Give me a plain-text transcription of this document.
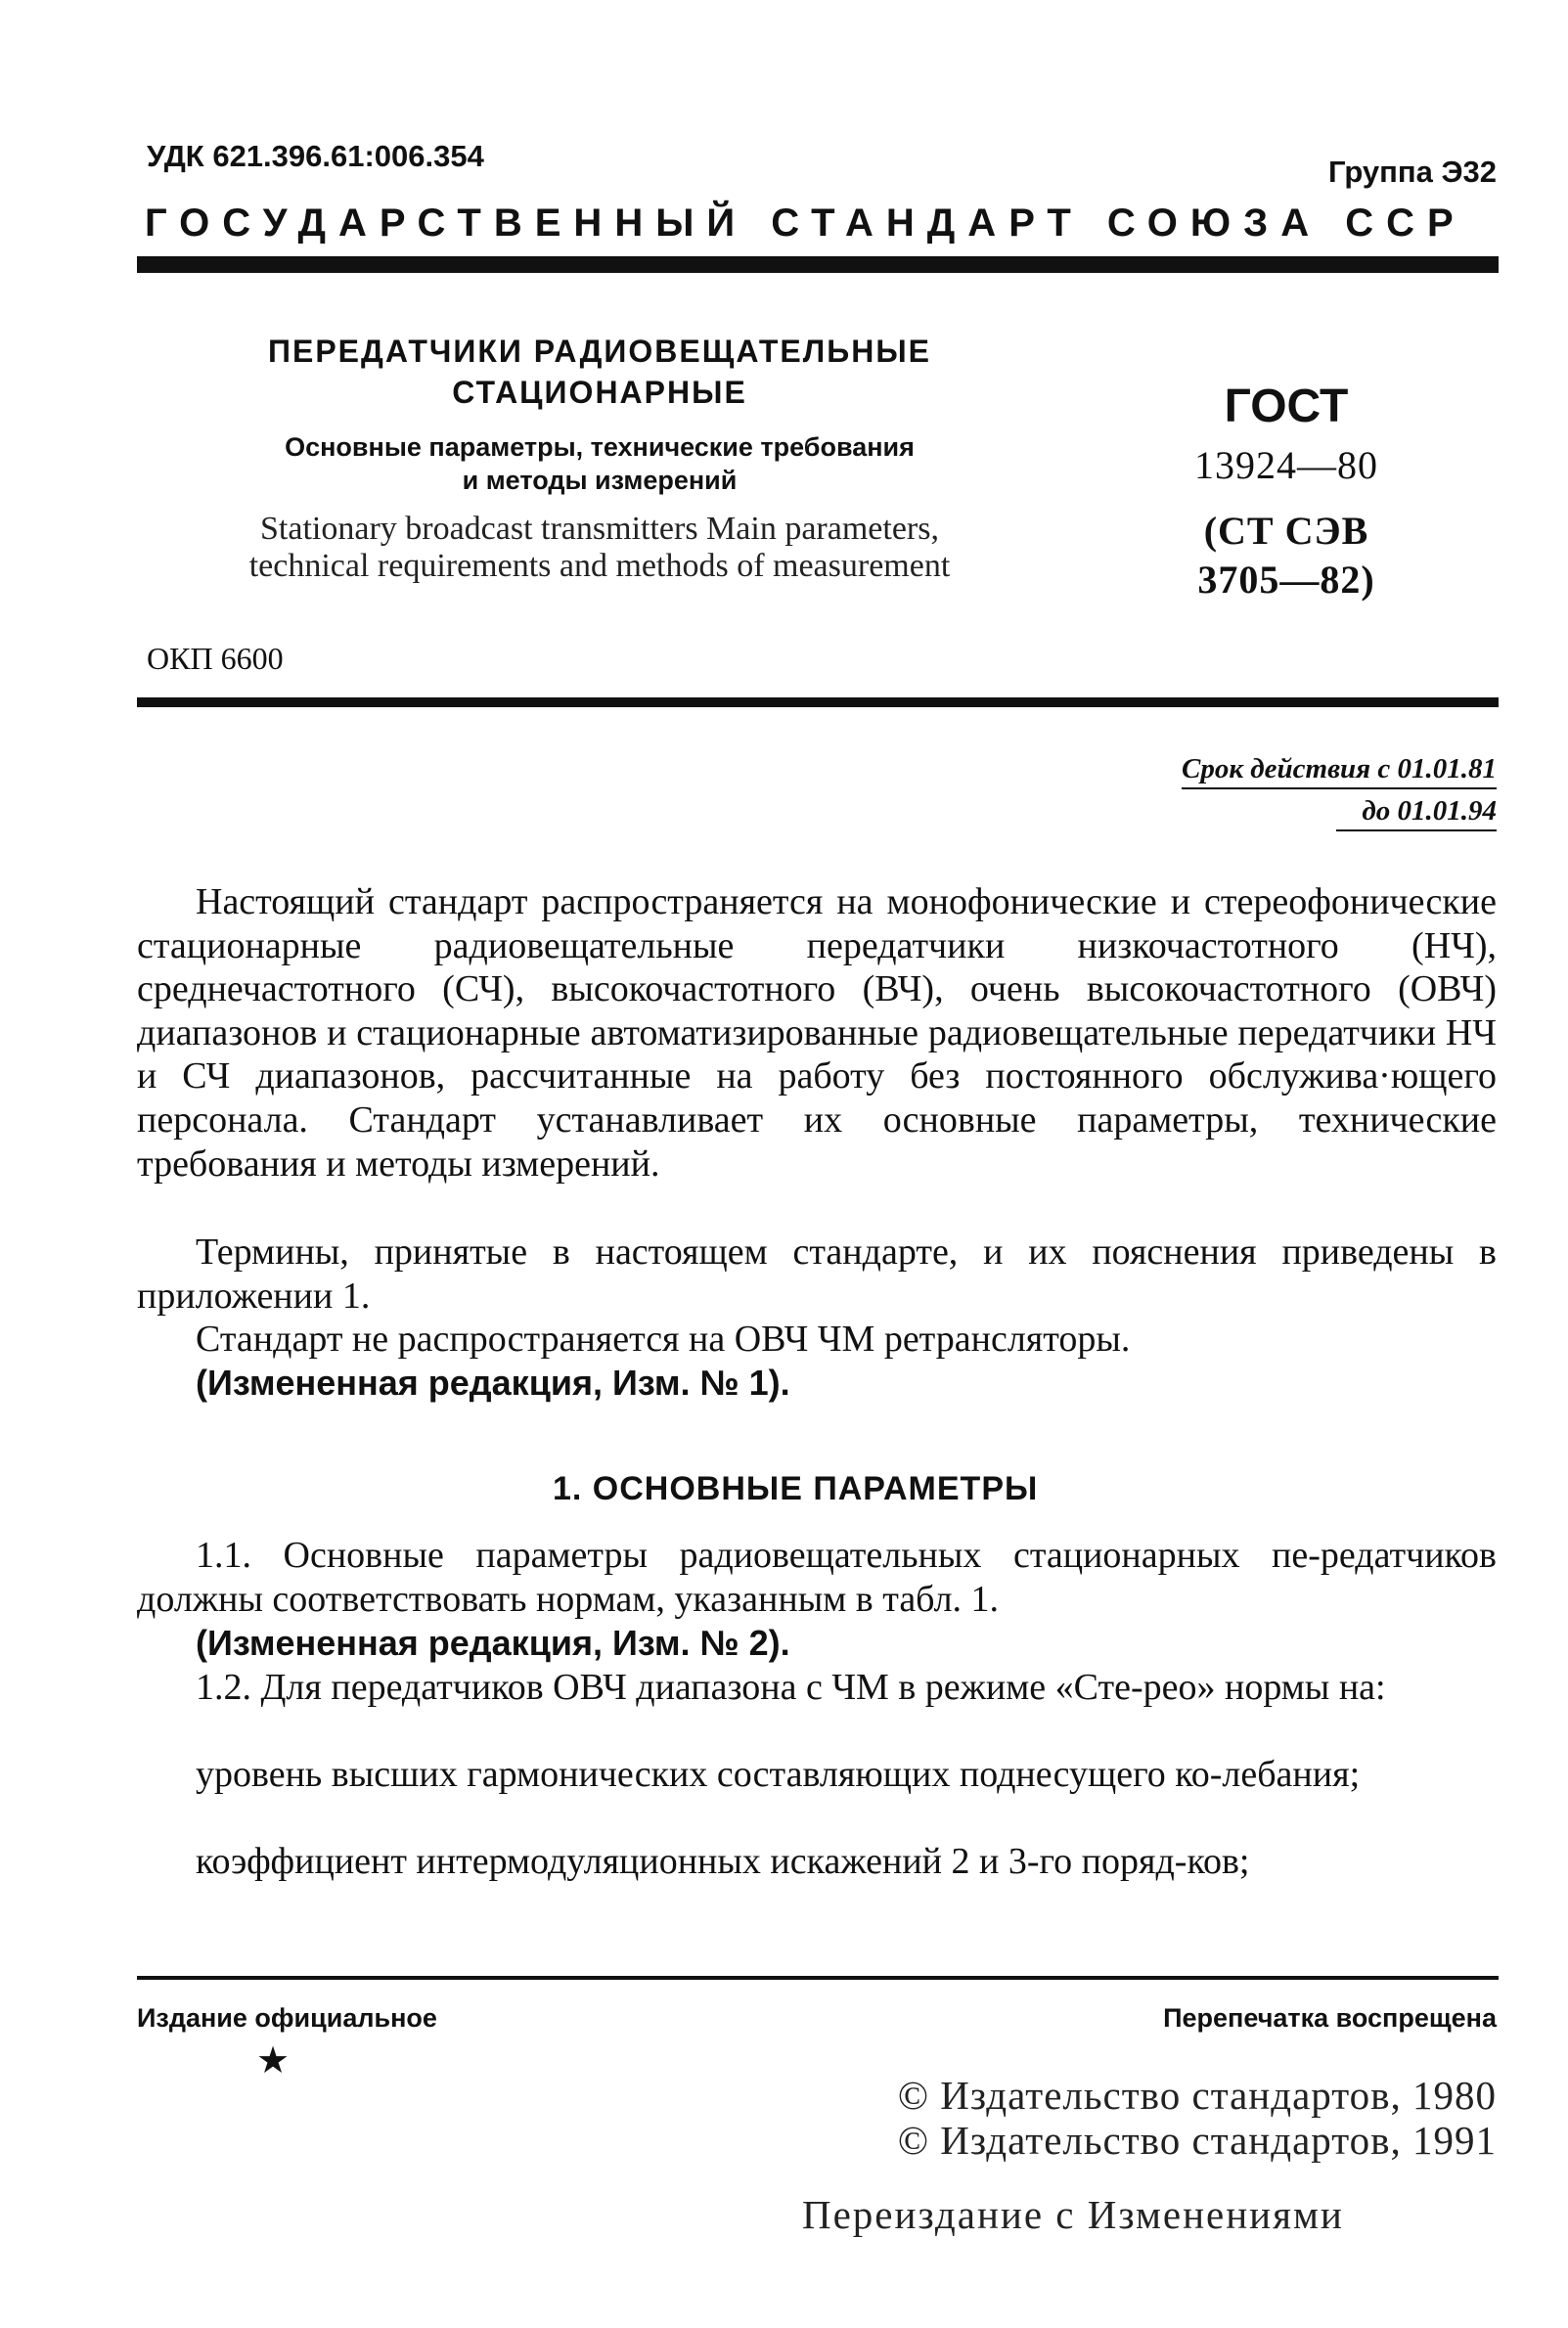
УДК 621.396.61:006.354	Группа Э32
ГОСУДАРСТВЕННЫЙ СТАНДАРТ СОЮЗА ССР
ПЕРЕДАТЧИКИ РАДИОВЕЩАТЕЛЬНЫЕ
СТАЦИОНАРНЫЕ
Основные параметры, технические требования
и методы измерений
Stationary broadcast transmitters Main parameters,
technical requirements and methods of measurement
ГОСТ
13924—80
(СТ СЭВ
3705—82)
ОКП 6600
Срок действия с 01.01.81
до 01.01.94
Настоящий стандарт распространяется на монофонические и стереофонические стационарные радиовещательные передатчики низкочастотного (НЧ), среднечастотного (СЧ), высокочастотного (ВЧ), очень высокочастотного (ОВЧ) диапазонов и стационарные автоматизированные радиовещательные передатчики НЧ и СЧ диапазонов, рассчитанные на работу без постоянного обслужива·ющего персонала. Стандарт устанавливает их основные параметры, технические требования и методы измерений.
Термины, принятые в настоящем стандарте, и их пояснения приведены в приложении 1.
Стандарт не распространяется на ОВЧ ЧМ ретрансляторы.
(Измененная редакция, Изм. № 1).
1. ОСНОВНЫЕ ПАРАМЕТРЫ
1.1. Основные параметры радиовещательных стационарных пе-редатчиков должны соответствовать нормам, указанным в табл. 1.
(Измененная редакция, Изм. № 2).
1.2. Для передатчиков ОВЧ диапазона с ЧМ в режиме «Сте-рео» нормы на:
уровень высших гармонических составляющих поднесущего ко-лебания;
коэффициент интермодуляционных искажений 2 и 3-го поряд-ков;
Издание официальное	Перепечатка воспрещена
★
© Издательство стандартов, 1980
© Издательство стандартов, 1991
Переиздание с Изменениями
